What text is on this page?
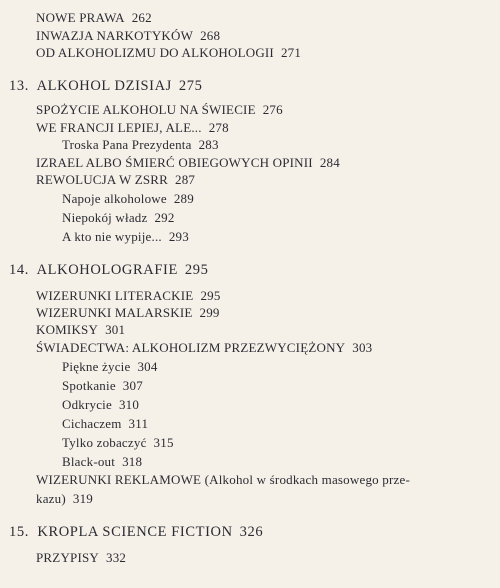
NOWE PRAWA 262
INWAZJA NARKOTYKÓW 268
OD ALKOHOLIZMU DO ALKOHOLOGII 271
13. ALKOHOL DZISIAJ 275
SPOŻYCIE ALKOHOLU NA ŚWIECIE 276
WE FRANCJI LEPIEJ, ALE... 278
Troska Pana Prezydenta 283
IZRAEL ALBO ŚMIERĆ OBIEGOWYCH OPINII 284
REWOLUCJA W ZSRR 287
Napoje alkoholowe 289
Niepokój władz 292
A kto nie wypije... 293
14. ALKOHOLOGRAFIE 295
WIZERUNKI LITERACKIE 295
WIZERUNKI MALARSKIE 299
KOMIKSY 301
ŚWIADECTWA: ALKOHOLIZM PRZEZWYCIĘŻONY 303
Piękne życie 304
Spotkanie 307
Odkrycie 310
Cichaczem 311
Tylko zobaczyć 315
Black-out 318
WIZERUNKI REKLAMOWE (Alkohol w środkach masowego prze-
kazu) 319
15. KROPLA SCIENCE FICTION 326
PRZYPISY 332
